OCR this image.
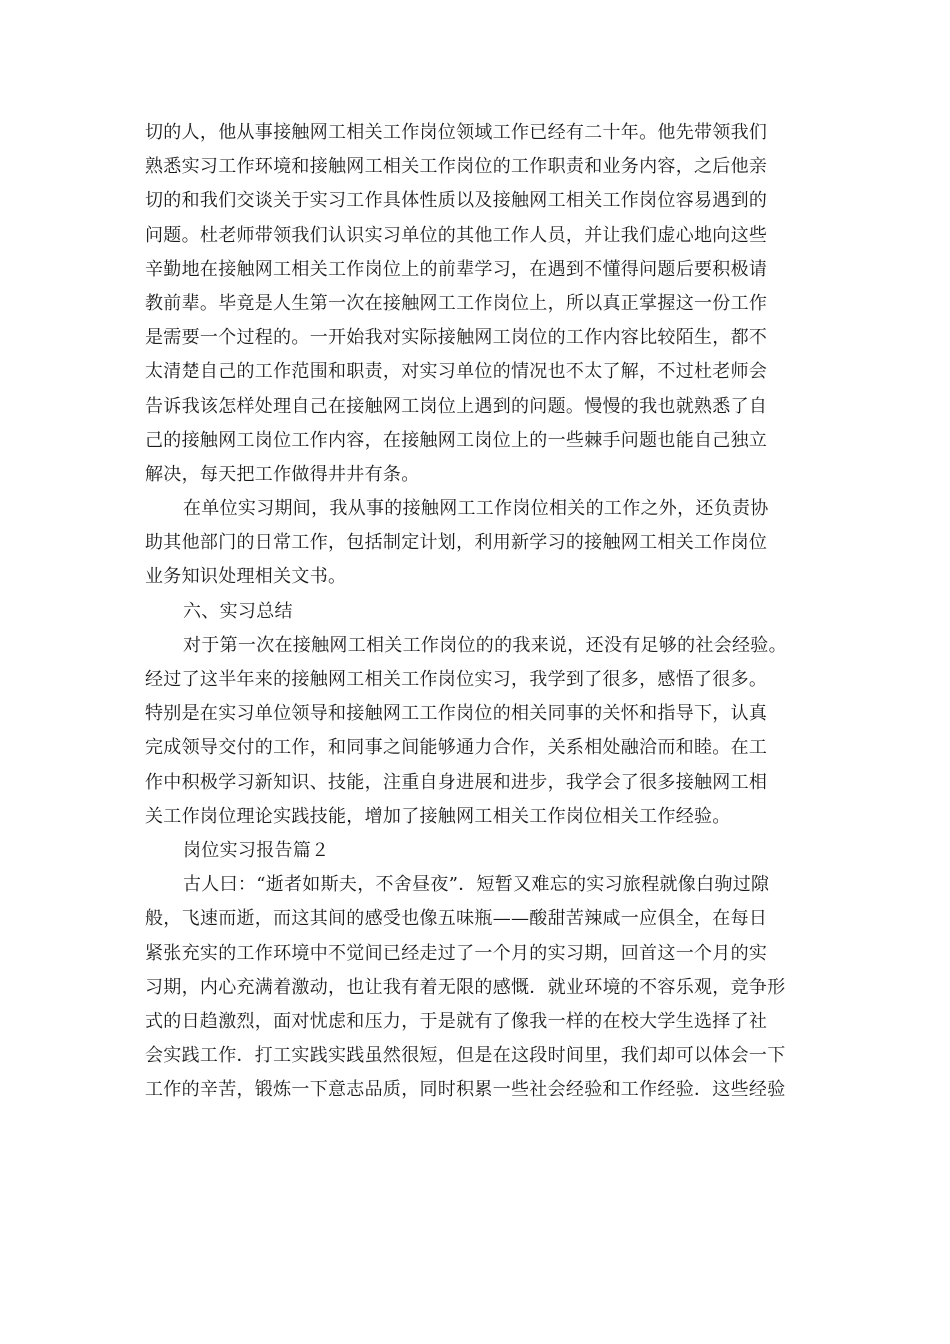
切的人，他从事接触网工相关工作岗位领域工作已经有二十年。他先带领我们
熟悉实习工作环境和接触网工相关工作岗位的工作职责和业务内容，之后他亲
切的和我们交谈关于实习工作具体性质以及接触网工相关工作岗位容易遇到的
问题。杜老师带领我们认识实习单位的其他工作人员，并让我们虚心地向这些
辛勤地在接触网工相关工作岗位上的前辈学习，在遇到不懂得问题后要积极请
教前辈。毕竟是人生第一次在接触网工工作岗位上，所以真正掌握这一份工作
是需要一个过程的。一开始我对实际接触网工岗位的工作内容比较陌生，都不
太清楚自己的工作范围和职责，对实习单位的情况也不太了解，不过杜老师会
告诉我该怎样处理自己在接触网工岗位上遇到的问题。慢慢的我也就熟悉了自
己的接触网工岗位工作内容，在接触网工岗位上的一些棘手问题也能自己独立
解决，每天把工作做得井井有条。
在单位实习期间，我从事的接触网工工作岗位相关的工作之外，还负责协
助其他部门的日常工作，包括制定计划，利用新学习的接触网工相关工作岗位
业务知识处理相关文书。
六、实习总结
对于第一次在接触网工相关工作岗位的的我来说，还没有足够的社会经验。
经过了这半年来的接触网工相关工作岗位实习，我学到了很多，感悟了很多。
特别是在实习单位领导和接触网工工作岗位的相关同事的关怀和指导下，认真
完成领导交付的工作，和同事之间能够通力合作，关系相处融洽而和睦。在工
作中积极学习新知识、技能，注重自身进展和进步，我学会了很多接触网工相
关工作岗位理论实践技能，增加了接触网工相关工作岗位相关工作经验。
岗位实习报告篇２
古人曰：“逝者如斯夫，不舍昼夜”．短暂又难忘的实习旅程就像白驹过隙
般，飞速而逝，而这其间的感受也像五味瓶——酸甜苦辣咸一应俱全，在每日
紧张充实的工作环境中不觉间已经走过了一个月的实习期，回首这一个月的实
习期，内心充满着激动，也让我有着无限的感慨．就业环境的不容乐观，竞争形
式的日趋激烈，面对忧虑和压力，于是就有了像我一样的在校大学生选择了社
会实践工作．打工实践实践虽然很短，但是在这段时间里，我们却可以体会一下
工作的辛苦，锻炼一下意志品质，同时积累一些社会经验和工作经验．这些经验
